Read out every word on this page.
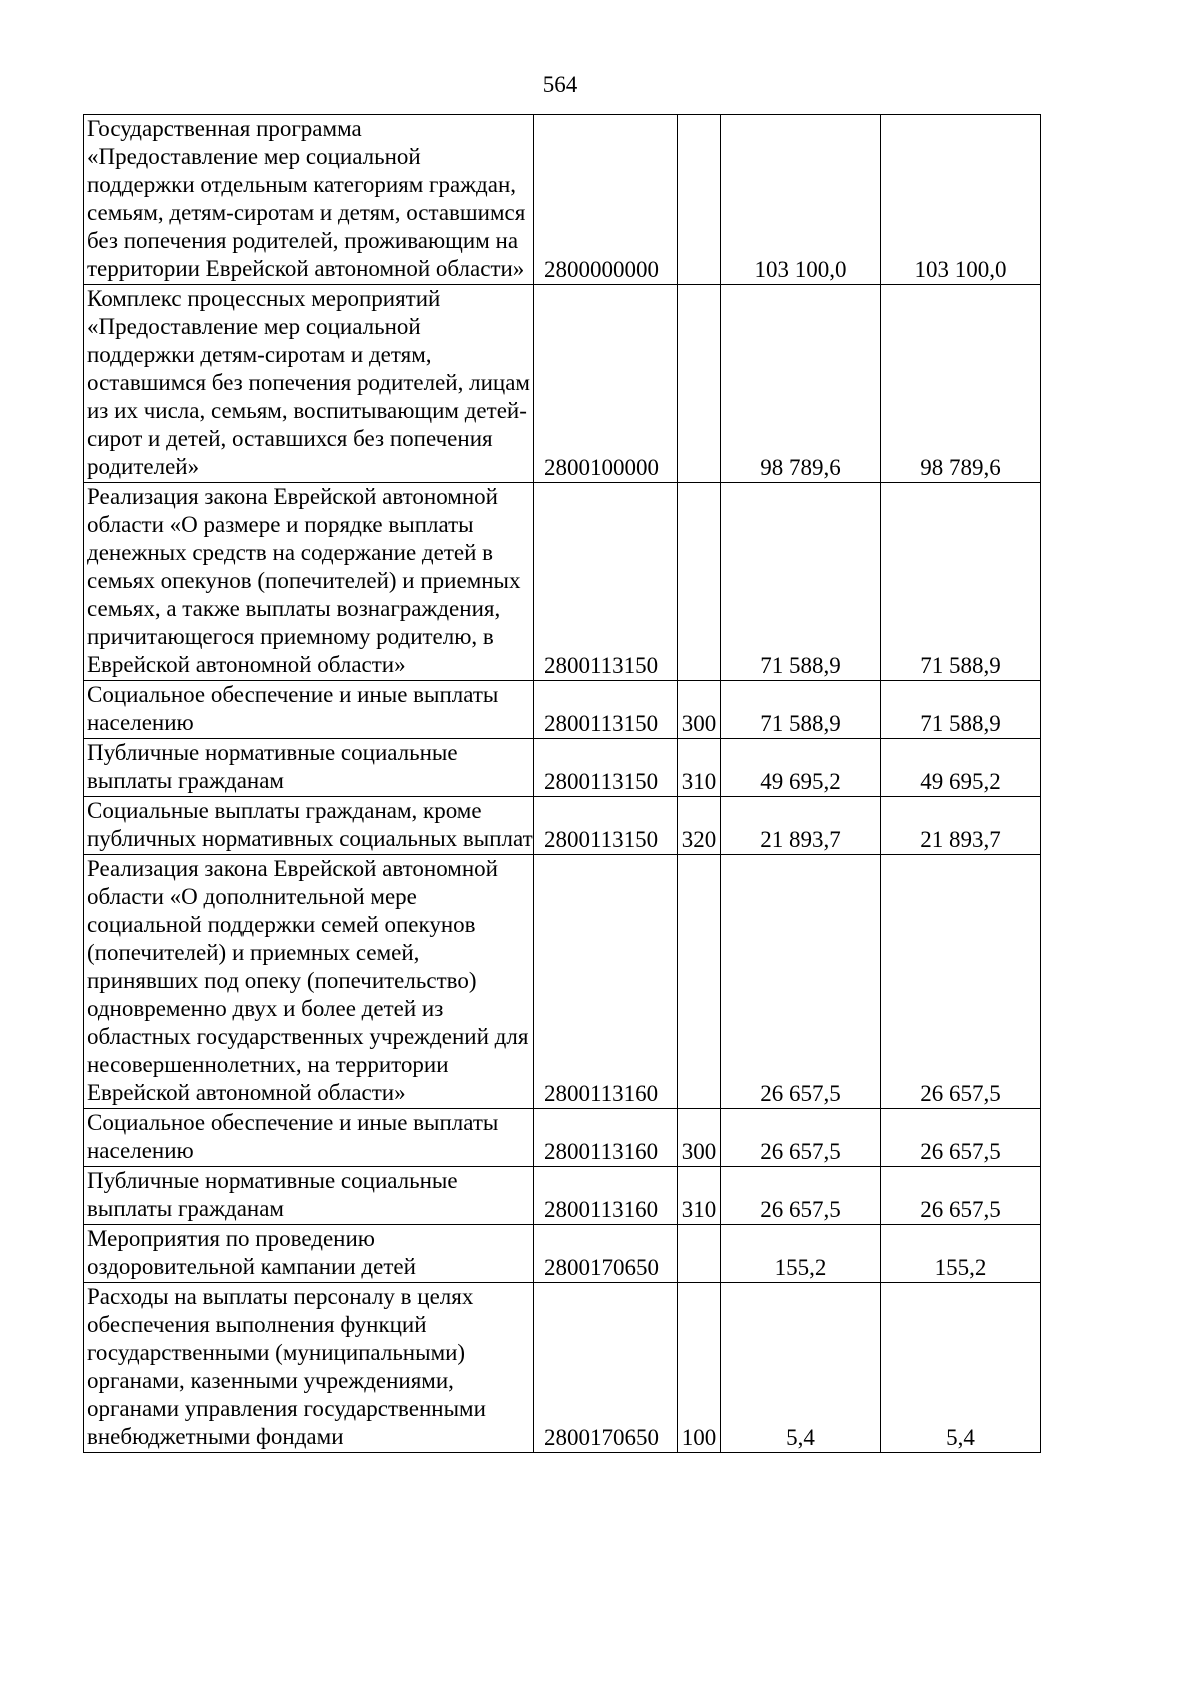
564
Государственная программа «Предоставление мер социальной поддержки отдельным категориям граждан, семьям, детям-сиротам и детям, оставшимся без попечения родителей, проживающим на территории Еврейской автономной области»	2800000000		103 100,0	103 100,0
Комплекс процессных мероприятий «Предоставление мер социальной поддержки детям-сиротам и детям, оставшимся без попечения родителей, лицам из их числа, семьям, воспитывающим детей-сирот и детей, оставшихся без попечения родителей»	2800100000		98 789,6	98 789,6
Реализация закона Еврейской автономной области «О размере и порядке выплаты денежных средств на содержание детей в семьях опекунов (попечителей) и приемных семьях, а также выплаты вознаграждения, причитающегося приемному родителю, в Еврейской автономной области»	2800113150		71 588,9	71 588,9
Социальное обеспечение и иные выплаты населению	2800113150	300	71 588,9	71 588,9
Публичные нормативные социальные выплаты гражданам	2800113150	310	49 695,2	49 695,2
Социальные выплаты гражданам, кроме публичных нормативных социальных выплат	2800113150	320	21 893,7	21 893,7
Реализация закона Еврейской автономной области «О дополнительной мере социальной поддержки семей опекунов (попечителей) и приемных семей, принявших под опеку (попечительство) одновременно двух и более детей из областных государственных учреждений для несовершеннолетних, на территории Еврейской автономной области»	2800113160		26 657,5	26 657,5
Социальное обеспечение и иные выплаты населению	2800113160	300	26 657,5	26 657,5
Публичные нормативные социальные выплаты гражданам	2800113160	310	26 657,5	26 657,5
Мероприятия по проведению оздоровительной кампании детей	2800170650		155,2	155,2
Расходы на выплаты персоналу в целях обеспечения выполнения функций государственными (муниципальными) органами, казенными учреждениями, органами управления государственными внебюджетными фондами	2800170650	100	5,4	5,4
